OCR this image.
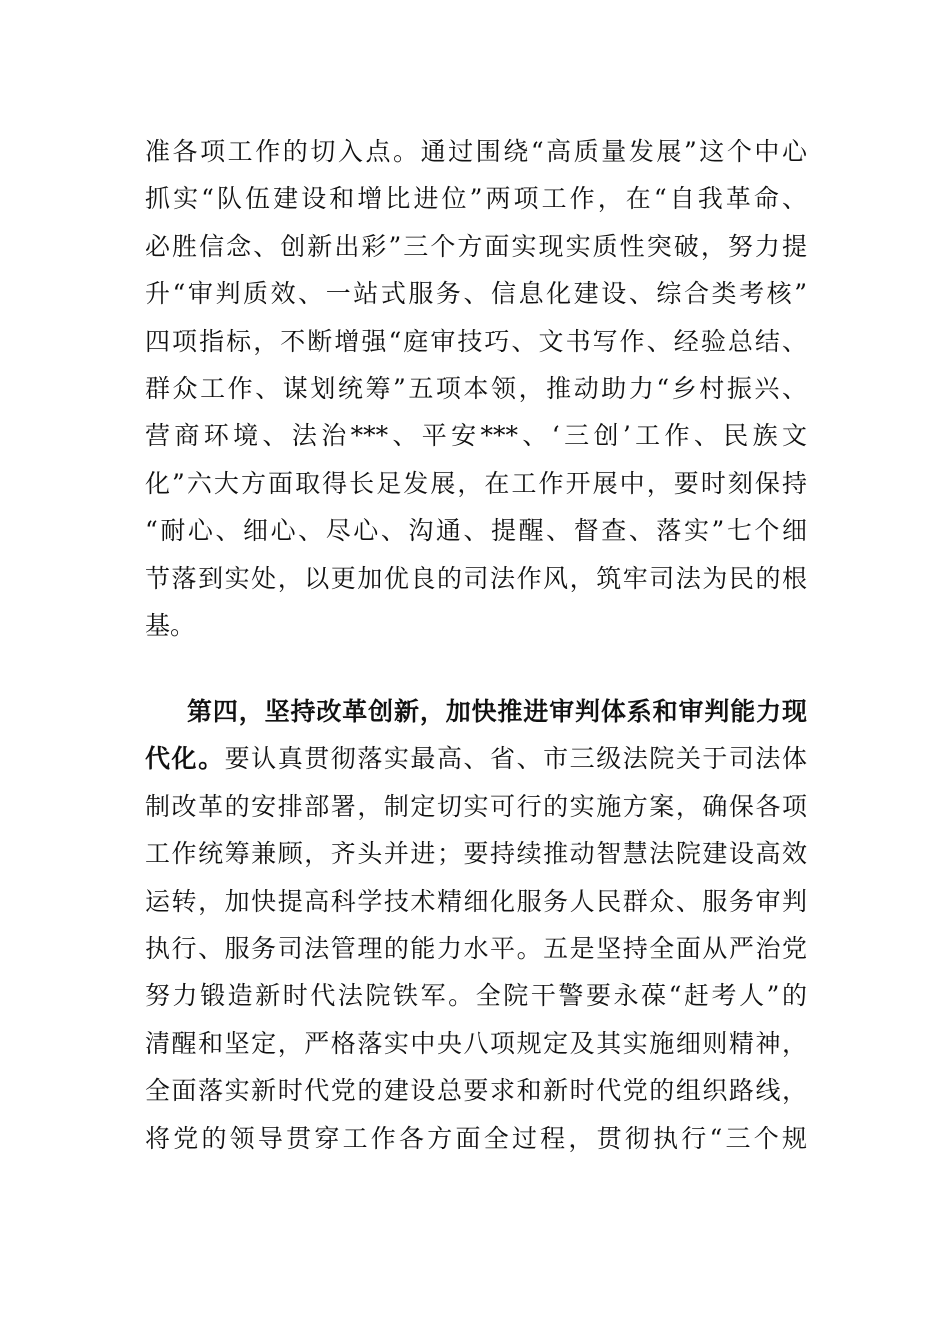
准各项工作的切入点。通过围绕“高质量发展”这个中心
抓实“队伍建设和增比进位”两项工作，在“自我革命、
必胜信念、创新出彩”三个方面实现实质性突破，努力提
升“审判质效、一站式服务、信息化建设、综合类考核”
四项指标，不断增强“庭审技巧、文书写作、经验总结、
群众工作、谋划统筹”五项本领，推动助力“乡村振兴、
营商环境、法治***、平安***、‘三创’工作、民族文
化”六大方面取得长足发展，在工作开展中，要时刻保持
“耐心、细心、尽心、沟通、提醒、督查、落实”七个细
节落到实处，以更加优良的司法作风，筑牢司法为民的根
基。
第四，坚持改革创新，加快推进审判体系和审判能力现
代化。要认真贯彻落实最高、省、市三级法院关于司法体
制改革的安排部署，制定切实可行的实施方案，确保各项
工作统筹兼顾，齐头并进；要持续推动智慧法院建设高效
运转，加快提高科学技术精细化服务人民群众、服务审判
执行、服务司法管理的能力水平。五是坚持全面从严治党
努力锻造新时代法院铁军。全院干警要永葆“赶考人”的
清醒和坚定，严格落实中央八项规定及其实施细则精神，
全面落实新时代党的建设总要求和新时代党的组织路线，
将党的领导贯穿工作各方面全过程，贯彻执行“三个规
